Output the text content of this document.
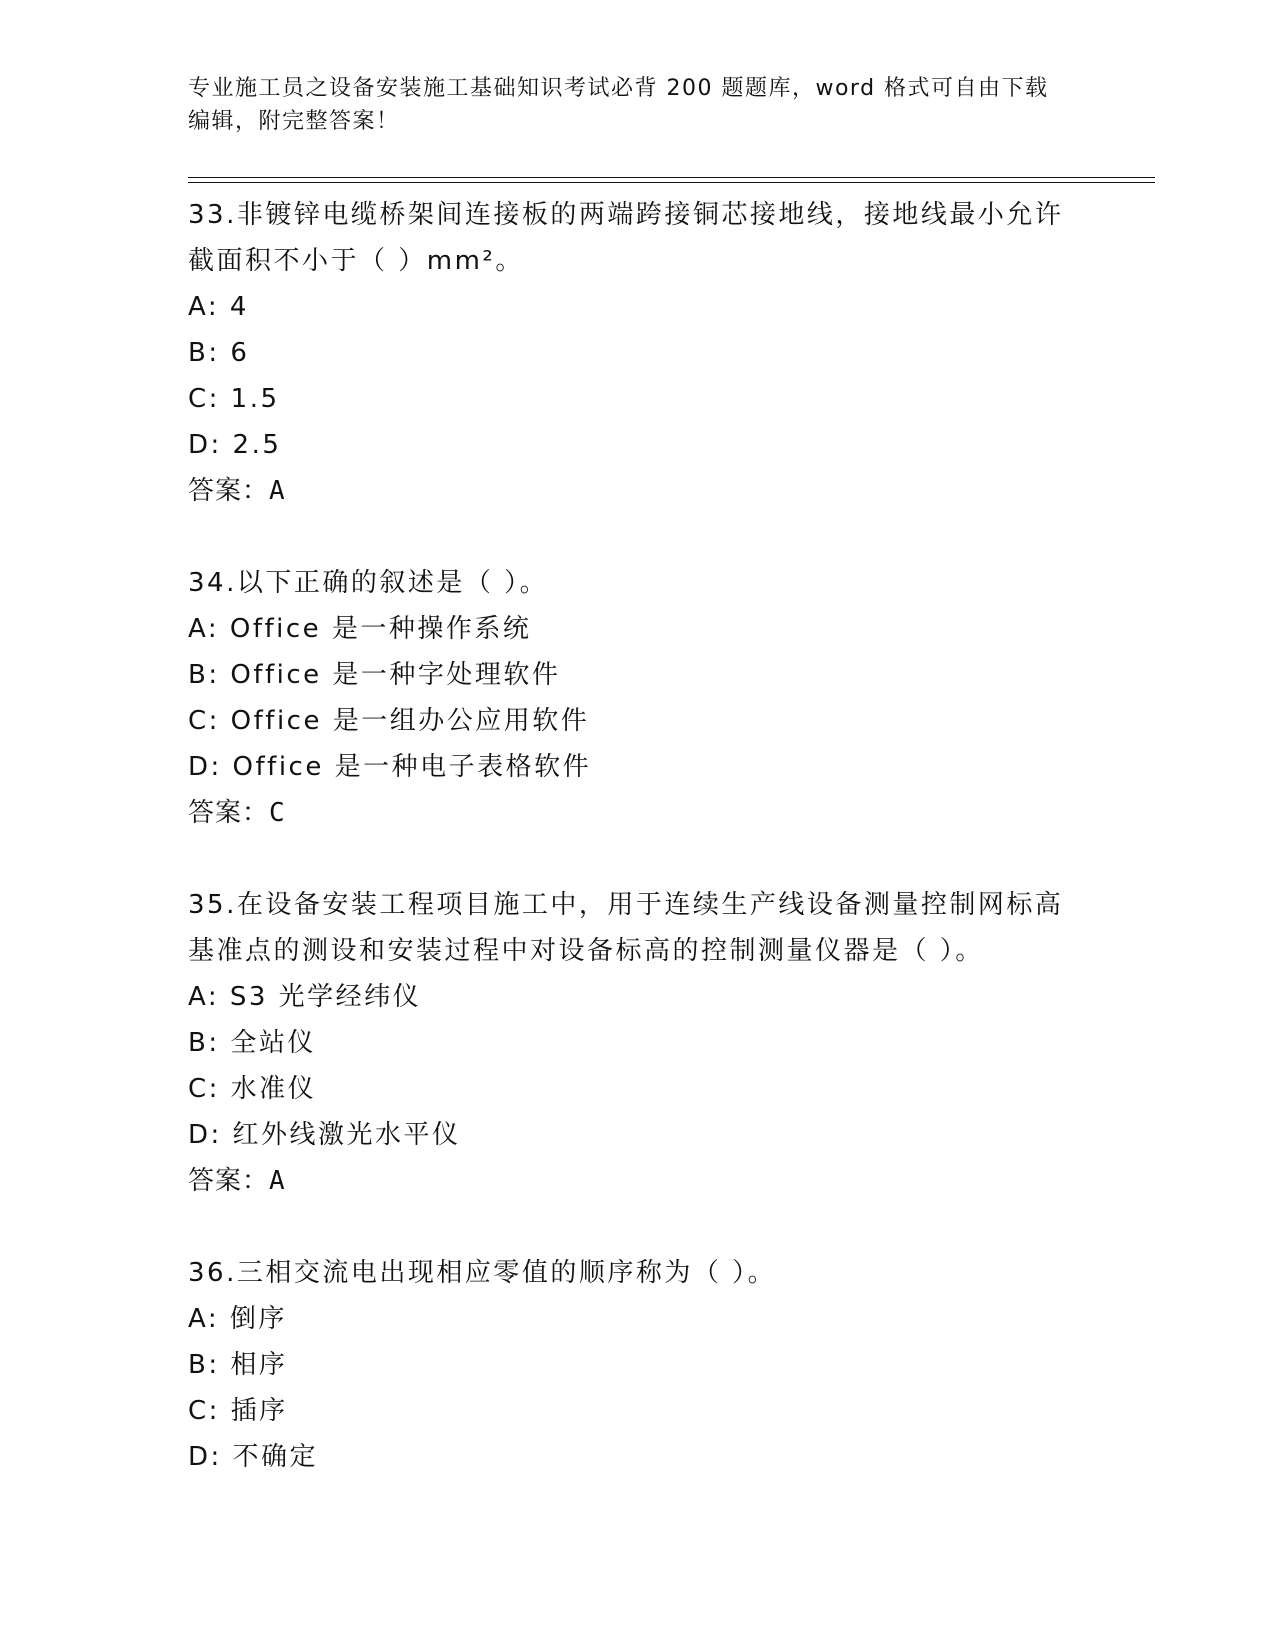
专业施工员之设备安装施工基础知识考试必背 200 题题库，word 格式可自由下载
编辑，附完整答案！

33.非镀锌电缆桥架间连接板的两端跨接铜芯接地线，接地线最小允许截面积不小于（ ）mm²。

A: 4
B: 6
C: 1.5
D: 2.5
答案：A

34.以下正确的叙述是（ ）。

A: Office 是一种操作系统
B: Office 是一种字处理软件
C: Office 是一组办公应用软件
D: Office 是一种电子表格软件
答案：C

35.在设备安装工程项目施工中，用于连续生产线设备测量控制网标高基准点的测设和安装过程中对设备标高的控制测量仪器是（ ）。

A: S3 光学经纬仪
B: 全站仪
C: 水准仪
D: 红外线激光水平仪
答案：A

36.三相交流电出现相应零值的顺序称为（ ）。

A: 倒序
B: 相序
C: 插序
D: 不确定
